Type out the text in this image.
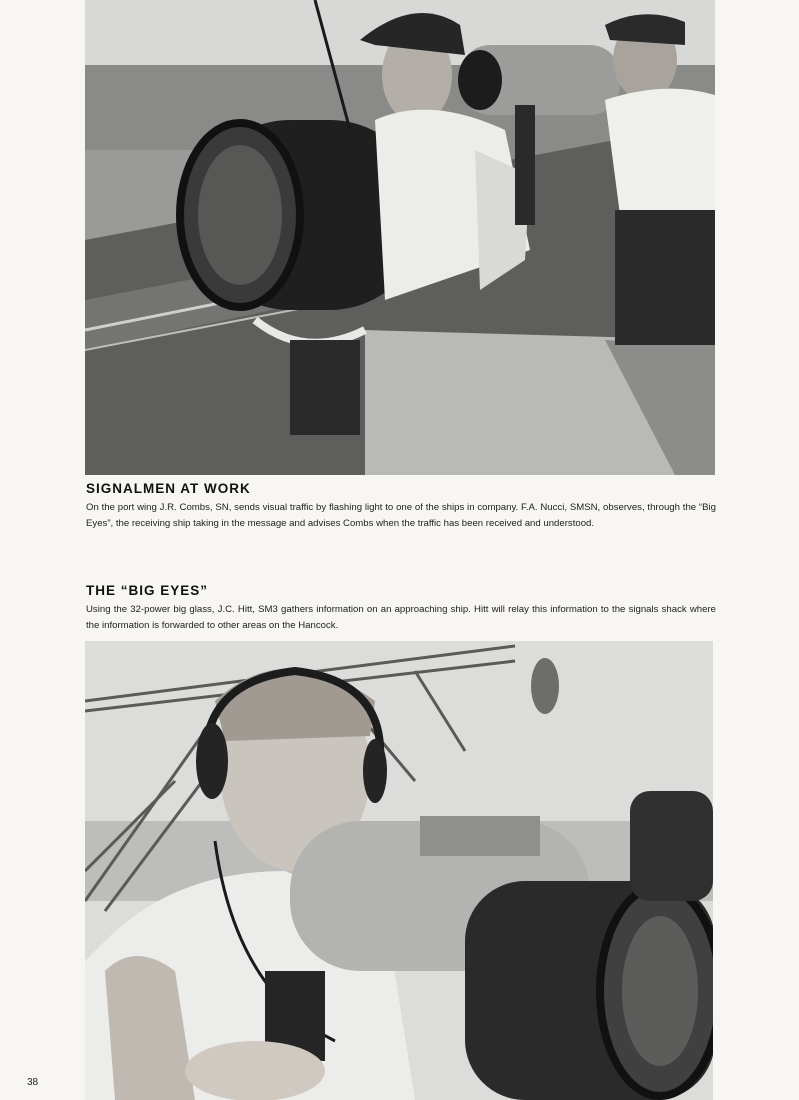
SIGNALMEN AT WORK

On the port wing J.R. Combs, SN, sends visual traffic by flashing light to one of the ships in company. F.A. Nucci, SMSN, observes, through the “Big Eyes”, the receiving ship taking in the message and advises Combs when the traffic has been received and understood.

THE “BIG EYES”

Using the 32-power big glass, J.C. Hitt, SM3 gathers information on an approaching ship. Hitt will relay this information to the signals shack where the information is forwarded to other areas on the Hancock.

38
